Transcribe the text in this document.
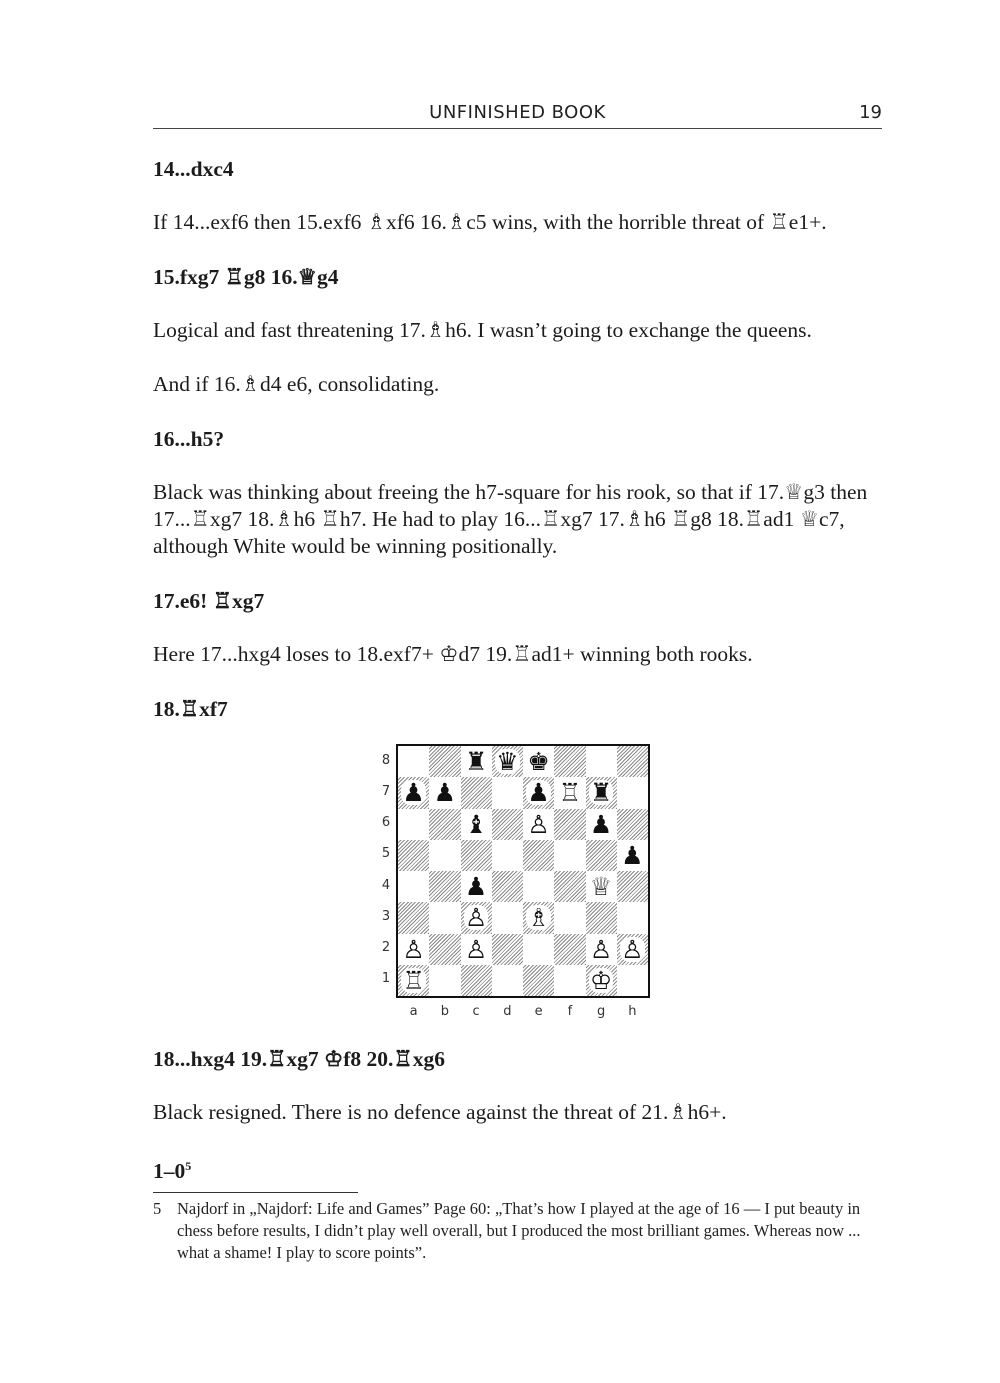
UNFINISHED BOOK	19
14...dxc4
If 14...exf6 then 15.exf6 ♗xf6 16.♗c5 wins, with the horrible threat of ♖e1+.
15.fxg7 ♖g8 16.♕g4
Logical and fast threatening 17.♗h6. I wasn’t going to exchange the queens.
And if 16.♗d4 e6, consolidating.
16...h5?
Black was thinking about freeing the h7-square for his rook, so that if 17.♕g3 then 17...♖xg7 18.♗h6 ♖h7. He had to play 16...♖xg7 17.♗h6 ♖g8 18.♖ad1 ♕c7, although White would be winning positionally.
17.e6! ♖xg7
Here 17...hxg4 loses to 18.exf7+ ♔d7 19.♖ad1+ winning both rooks.
18.♖xf7
♜ ♛ ♚
♟ ♟	♟ ♖ ♜
♝ ♙ ♟
♟
♟	♕
♙ ♗
♙ ♙	♙ ♙
♖	♔
8
7
6
5
4
3
2
1
a	b	c	d	e	f	g	h
18...hxg4 19.♖xg7 ♔f8 20.♖xg6
Black resigned. There is no defence against the threat of 21.♗h6+.
$1-0^5$
5 Najdorf in „Najdorf: Life and Games” Page 60: „That’s how I played at the age of 16 — I put beauty in chess before results, I didn’t play well overall, but I produced the most brilliant games. Whereas now ... what a shame! I play to score points”.
